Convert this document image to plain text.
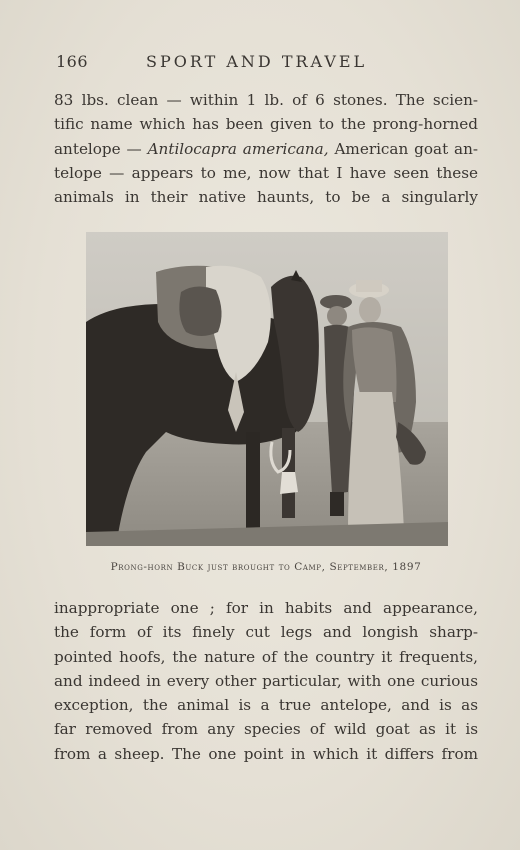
166	SPORT AND TRAVEL

83 lbs. clean — within 1 lb. of 6 stones. The scien-
tific name which has been given to the prong-horned
antelope — Antilocapra americana, American goat an-
telope — appears to me, now that I have seen these
animals in their native haunts, to be a singularly

Prong-horn Buck just brought to Camp, September, 1897

inappropriate one ; for in habits and appearance,
the form of its finely cut legs and longish sharp-
pointed hoofs, the nature of the country it frequents,
and indeed in every other particular, with one curious
exception, the animal is a true antelope, and is as
far removed from any species of wild goat as it is
from a sheep. The one point in which it differs from
